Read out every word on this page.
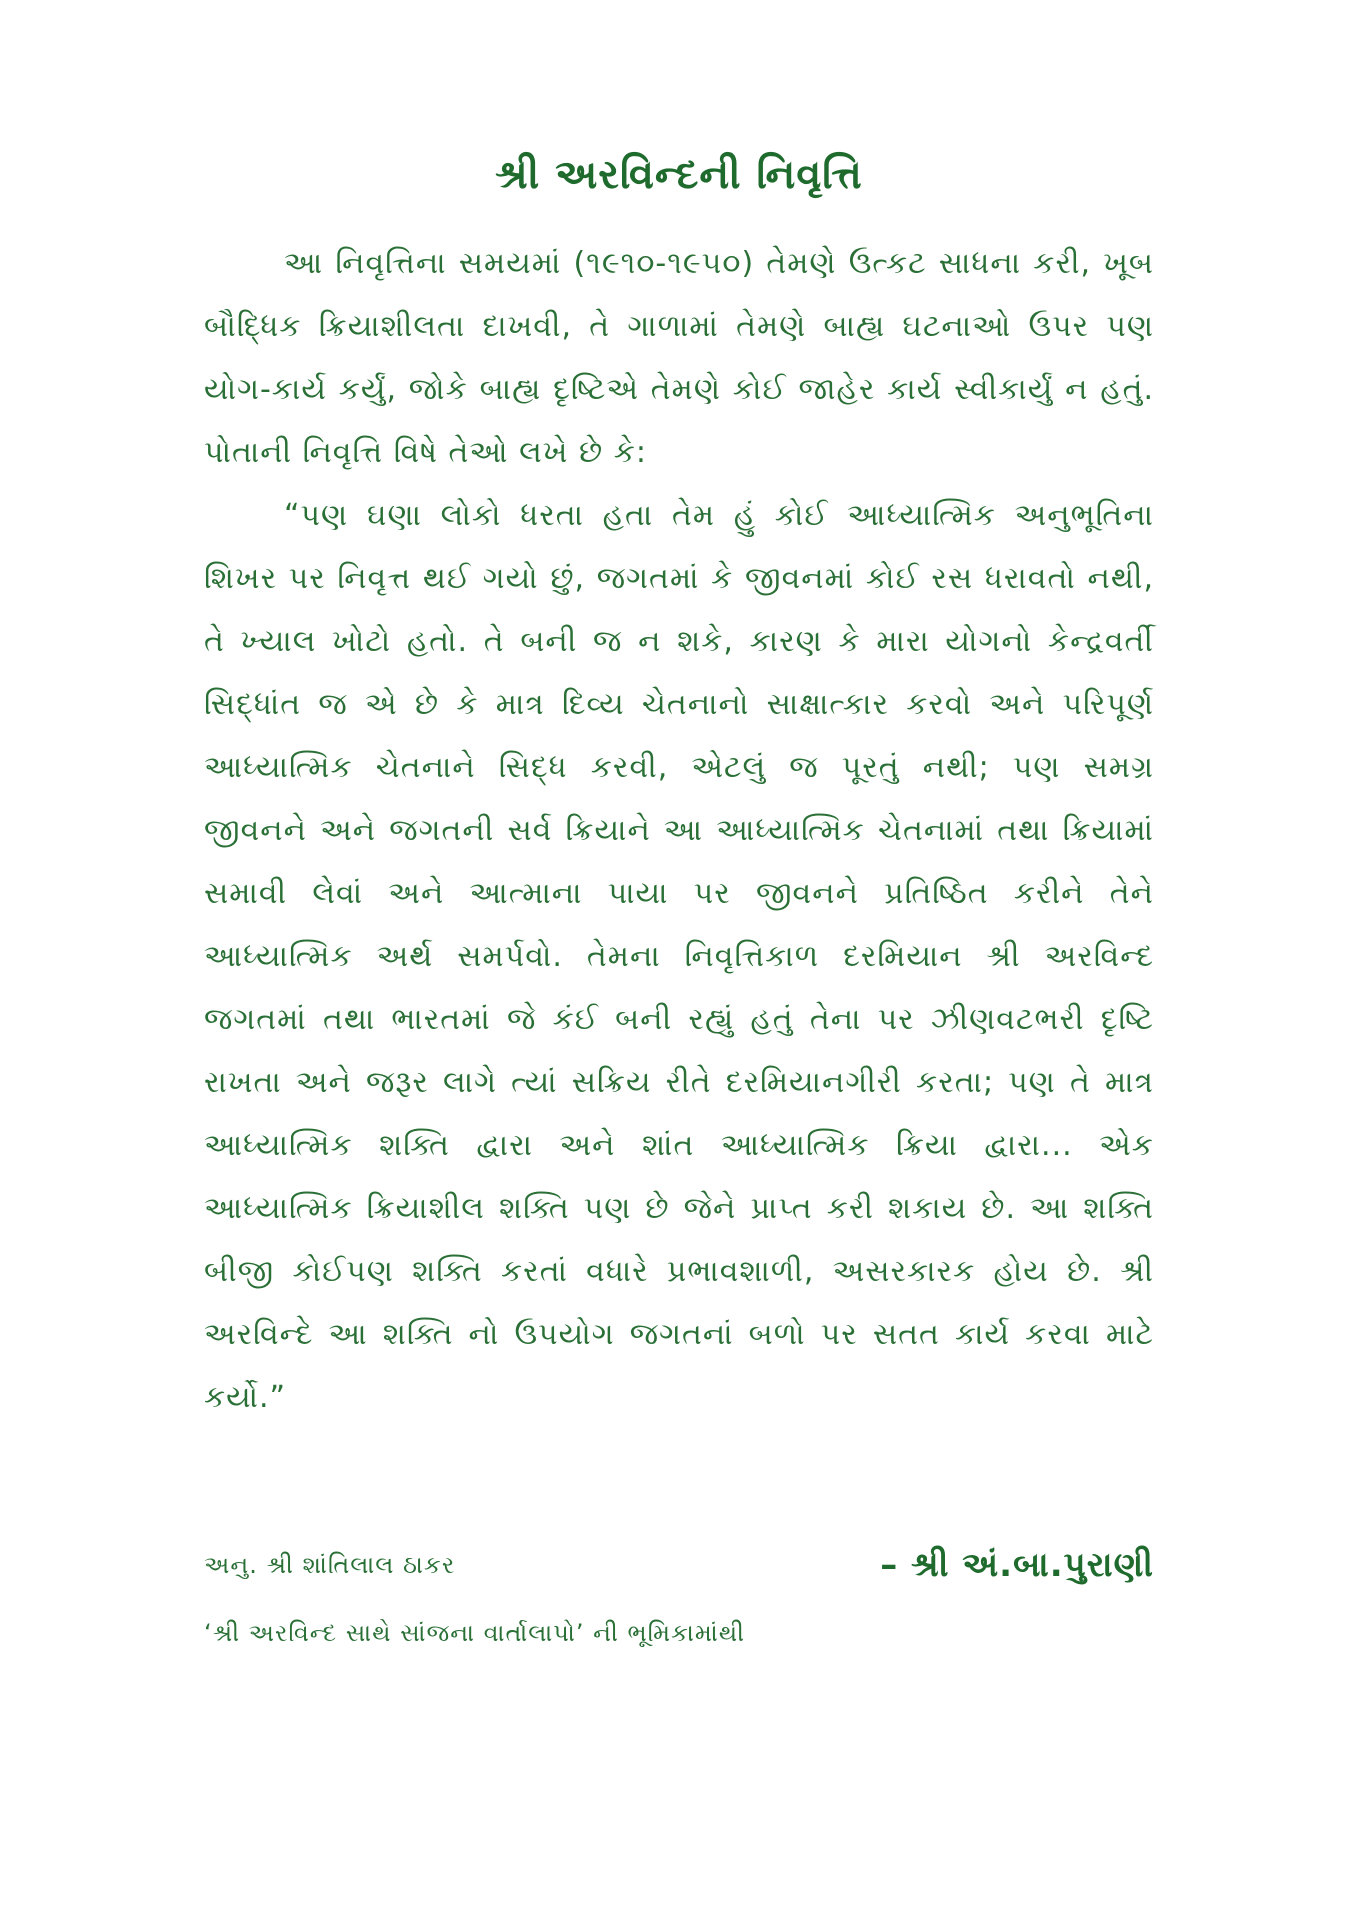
શ્રી અરવિન્દની નિવૃત્તિ

આ નિવૃત્તિના સમયમાં (૧૯૧૦-૧૯૫૦) તેમણે ઉત્કટ સાધના કરી, ખૂબ બૌદ્ધિક ક્રિયાશીલતા દાખવી, તે ગાળામાં તેમણે બાહ્ય ઘટનાઓ ઉપર પણ યોગ-કાર્ય કર્યું, જોકે બાહ્ય દૃષ્ટિએ તેમણે કોઈ જાહેર કાર્ય સ્વીકાર્યું ન હતું. પોતાની નિવૃત્તિ વિષે તેઓ લખે છે કે:

“પણ ઘણા લોકો ધરતા હતા તેમ હું કોઈ આધ્યાત્મિક અનુભૂતિના શિખર પર નિવૃત્ત થઈ ગયો છું, જગતમાં કે જીવનમાં કોઈ રસ ધરાવતો નથી, તે ખ્યાલ ખોટો હતો. તે બની જ ન શકે, કારણ કે મારા યોગનો કેન્દ્રવર્તી સિદ્ધાંત જ એ છે કે માત્ર દિવ્ય ચેતનાનો સાક્ષાત્કાર કરવો અને પરિપૂર્ણ આધ્યાત્મિક ચેતનાને સિદ્ધ કરવી, એટલું જ પૂરતું નથી; પણ સમગ્ર જીવનને અને જગતની સર્વ ક્રિયાને આ આધ્યાત્મિક ચેતનામાં તથા ક્રિયામાં સમાવી લેવાં અને આત્માના પાયા પર જીવનને પ્રતિષ્ઠિત કરીને તેને આધ્યાત્મિક અર્થ સમર્પવો. તેમના નિવૃત્તિકાળ દરમિયાન શ્રી અરવિન્દ જગતમાં તથા ભારતમાં જે કંઈ બની રહ્યું હતું તેના પર ઝીણવટભરી દૃષ્ટિ રાખતા અને જરૂર લાગે ત્યાં સક્રિય રીતે દરમિયાનગીરી કરતા; પણ તે માત્ર આધ્યાત્મિક શક્તિ દ્વારા અને શાંત આધ્યાત્મિક ક્રિયા દ્વારા... એક આધ્યાત્મિક ક્રિયાશીલ શક્તિ પણ છે જેને પ્રાપ્ત કરી શકાય છે. આ શક્તિ બીજી કોઈપણ શક્તિ કરતાં વધારે પ્રભાવશાળી, અસરકારક હોય છે. શ્રી અરવિન્દે આ શક્તિ નો ઉપયોગ જગતનાં બળો પર સતત કાર્ય કરવા માટે કર્યો.”

અનુ. શ્રી શાંતિલાલ ઠાકર	– શ્રી અં.બા.પુરાણી
‘શ્રી અરવિન્દ સાથે સાંજના વાર્તાલાપો’ ની ભૂમિકામાંથી
